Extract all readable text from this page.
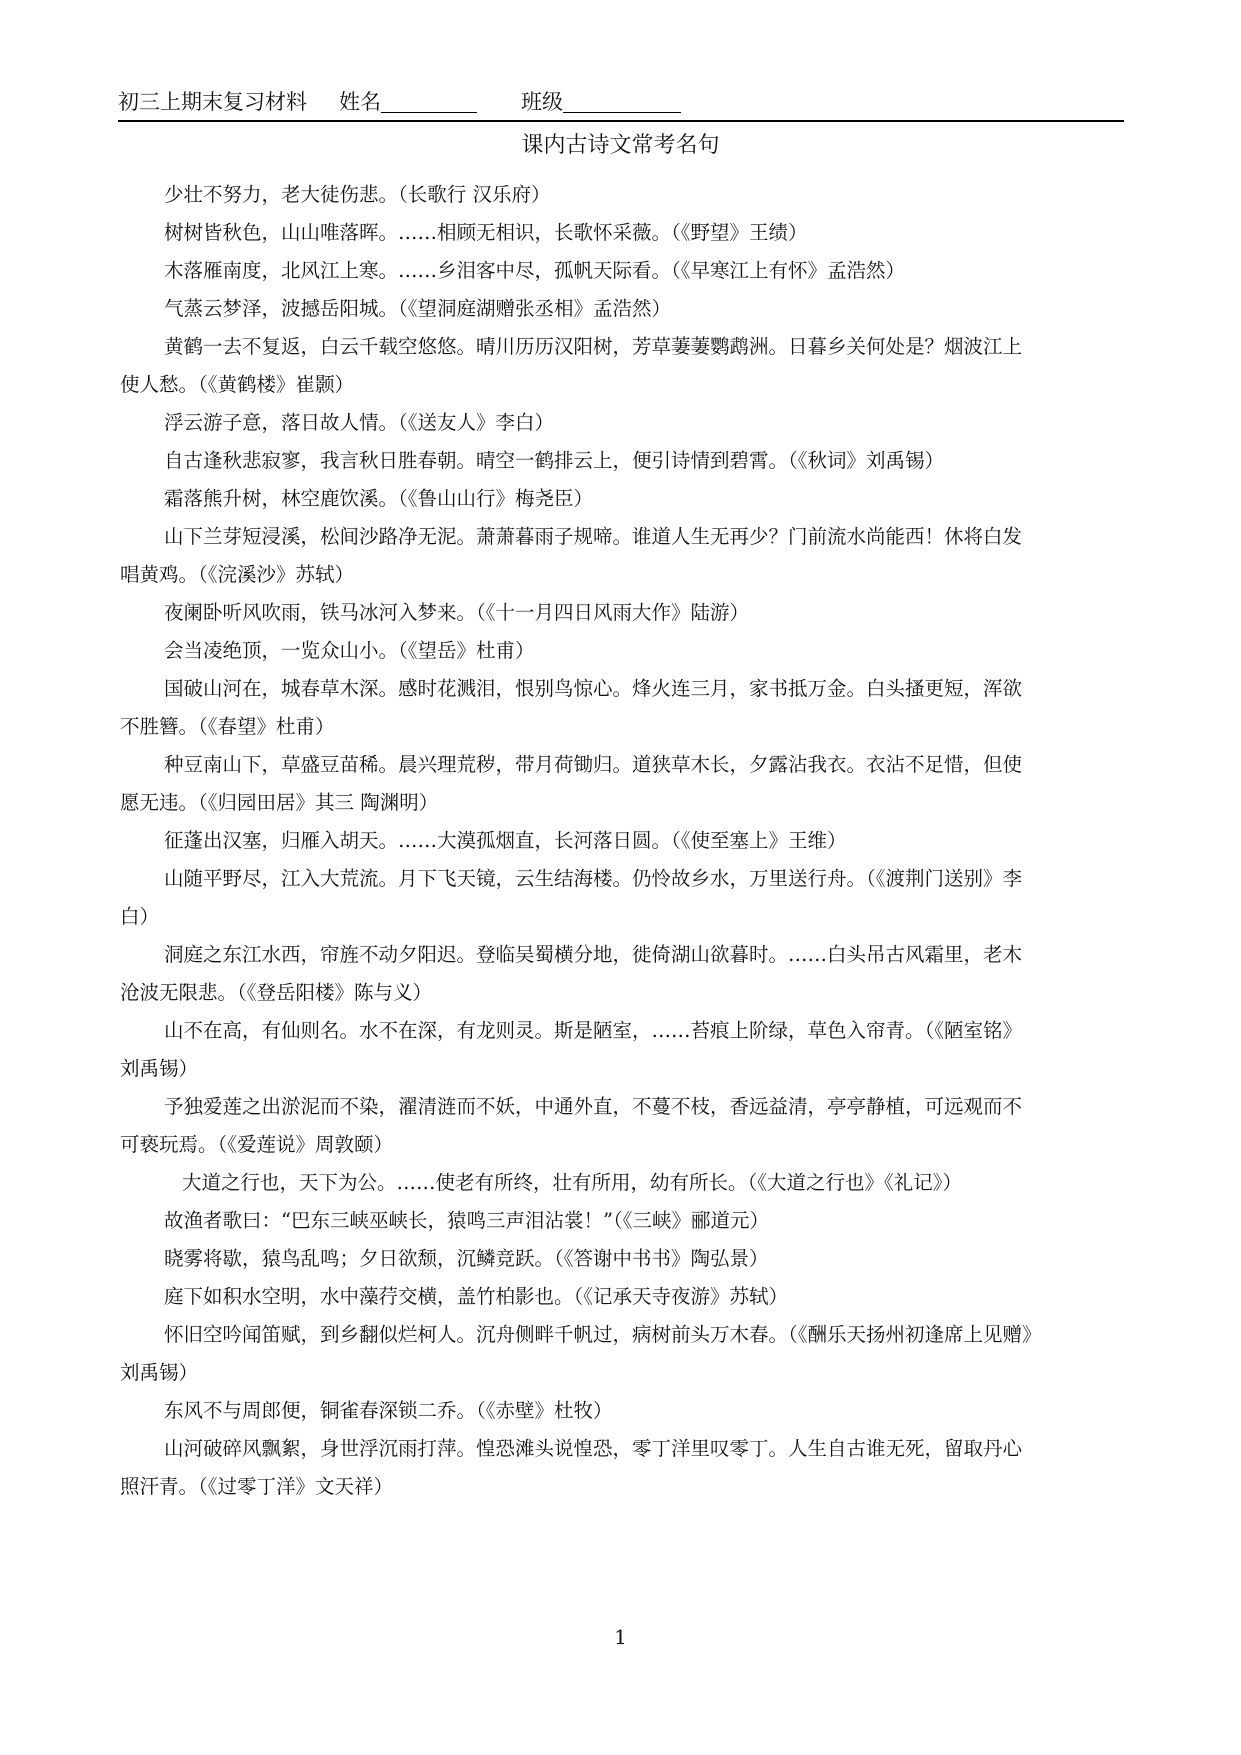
初三上期末复习材料 姓名	班级
课内古诗文常考名句
少壮不努力，老大徒伤悲。（长歌行 汉乐府）
树树皆秋色，山山唯落晖。……相顾无相识，长歌怀采薇。（《野望》王绩）
木落雁南度，北风江上寒。……乡泪客中尽，孤帆天际看。（《早寒江上有怀》孟浩然）
气蒸云梦泽，波撼岳阳城。（《望洞庭湖赠张丞相》孟浩然）
黄鹤一去不复返，白云千载空悠悠。晴川历历汉阳树，芳草萋萋鹦鹉洲。日暮乡关何处是？烟波江上
使人愁。（《黄鹤楼》崔颢）
浮云游子意，落日故人情。（《送友人》李白）
自古逢秋悲寂寥，我言秋日胜春朝。晴空一鹤排云上，便引诗情到碧霄。（《秋词》刘禹锡）
霜落熊升树，林空鹿饮溪。（《鲁山山行》梅尧臣）
山下兰芽短浸溪，松间沙路净无泥。萧萧暮雨子规啼。谁道人生无再少？门前流水尚能西！休将白发
唱黄鸡。（《浣溪沙》苏轼）
夜阑卧听风吹雨，铁马冰河入梦来。（《十一月四日风雨大作》陆游）
会当凌绝顶，一览众山小。（《望岳》杜甫）
国破山河在，城春草木深。感时花溅泪，恨别鸟惊心。烽火连三月，家书抵万金。白头搔更短，浑欲
不胜簪。（《春望》杜甫）
种豆南山下，草盛豆苗稀。晨兴理荒秽，带月荷锄归。道狭草木长，夕露沾我衣。衣沾不足惜，但使
愿无违。（《归园田居》其三 陶渊明）
征蓬出汉塞，归雁入胡天。……大漠孤烟直，长河落日圆。（《使至塞上》王维）
山随平野尽，江入大荒流。月下飞天镜，云生结海楼。仍怜故乡水，万里送行舟。（《渡荆门送别》李
白）
洞庭之东江水西，帘旌不动夕阳迟。登临吴蜀横分地，徙倚湖山欲暮时。……白头吊古风霜里，老木
沧波无限悲。（《登岳阳楼》陈与义）
山不在高，有仙则名。水不在深，有龙则灵。斯是陋室，……苔痕上阶绿，草色入帘青。（《陋室铭》
刘禹锡）
予独爱莲之出淤泥而不染，濯清涟而不妖，中通外直，不蔓不枝，香远益清，亭亭静植，可远观而不
可亵玩焉。（《爱莲说》周敦颐）
大道之行也，天下为公。……使老有所终，壮有所用，幼有所长。（《大道之行也》《礼记》）
故渔者歌曰：“巴东三峡巫峡长，猿鸣三声泪沾裳！”（《三峡》郦道元）
晓雾将歇，猿鸟乱鸣；夕日欲颓，沉鳞竞跃。（《答谢中书书》陶弘景）
庭下如积水空明，水中藻荇交横，盖竹柏影也。（《记承天寺夜游》苏轼）
怀旧空吟闻笛赋，到乡翻似烂柯人。沉舟侧畔千帆过，病树前头万木春。（《酬乐天扬州初逢席上见赠》
刘禹锡）
东风不与周郎便，铜雀春深锁二乔。（《赤壁》杜牧）
山河破碎风飘絮，身世浮沉雨打萍。惶恐滩头说惶恐，零丁洋里叹零丁。人生自古谁无死，留取丹心
照汗青。（《过零丁洋》文天祥）
1
